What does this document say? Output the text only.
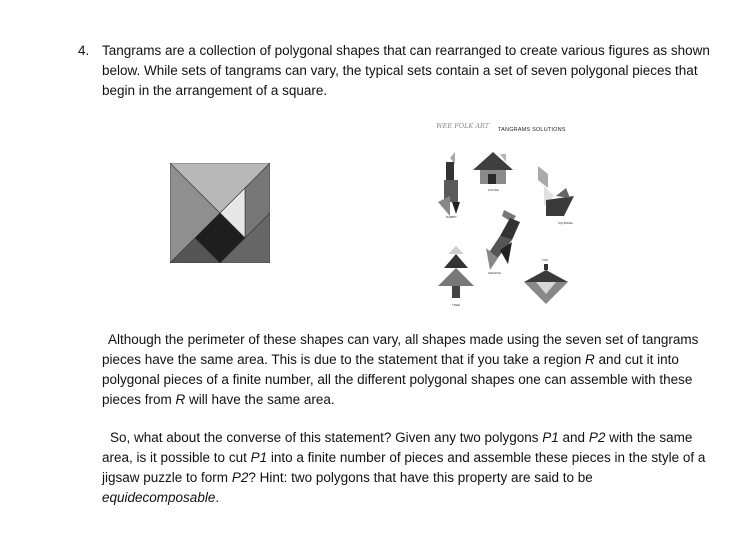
4. Tangrams are a collection of polygonal shapes that can rearranged to create various figures as shown below. While sets of tangrams can vary, the typical sets contain a set of seven polygonal pieces that begin in the arrangement of a square.

HOUSE
RABBIT
SQUIRREL
GIRAFFE
TREE
TOP
WEE FOLK ART TANGRAMS SOLUTIONS

Although the perimeter of these shapes can vary, all shapes made using the seven set of tangrams pieces have the same area. This is due to the statement that if you take a region R and cut it into polygonal pieces of a finite number, all the different polygonal shapes one can assemble with these pieces from R will have the same area.

So, what about the converse of this statement? Given any two polygons P1 and P2 with the same area, is it possible to cut P1 into a finite number of pieces and assemble these pieces in the style of a jigsaw puzzle to form P2? Hint: two polygons that have this property are said to be equidecomposable.
